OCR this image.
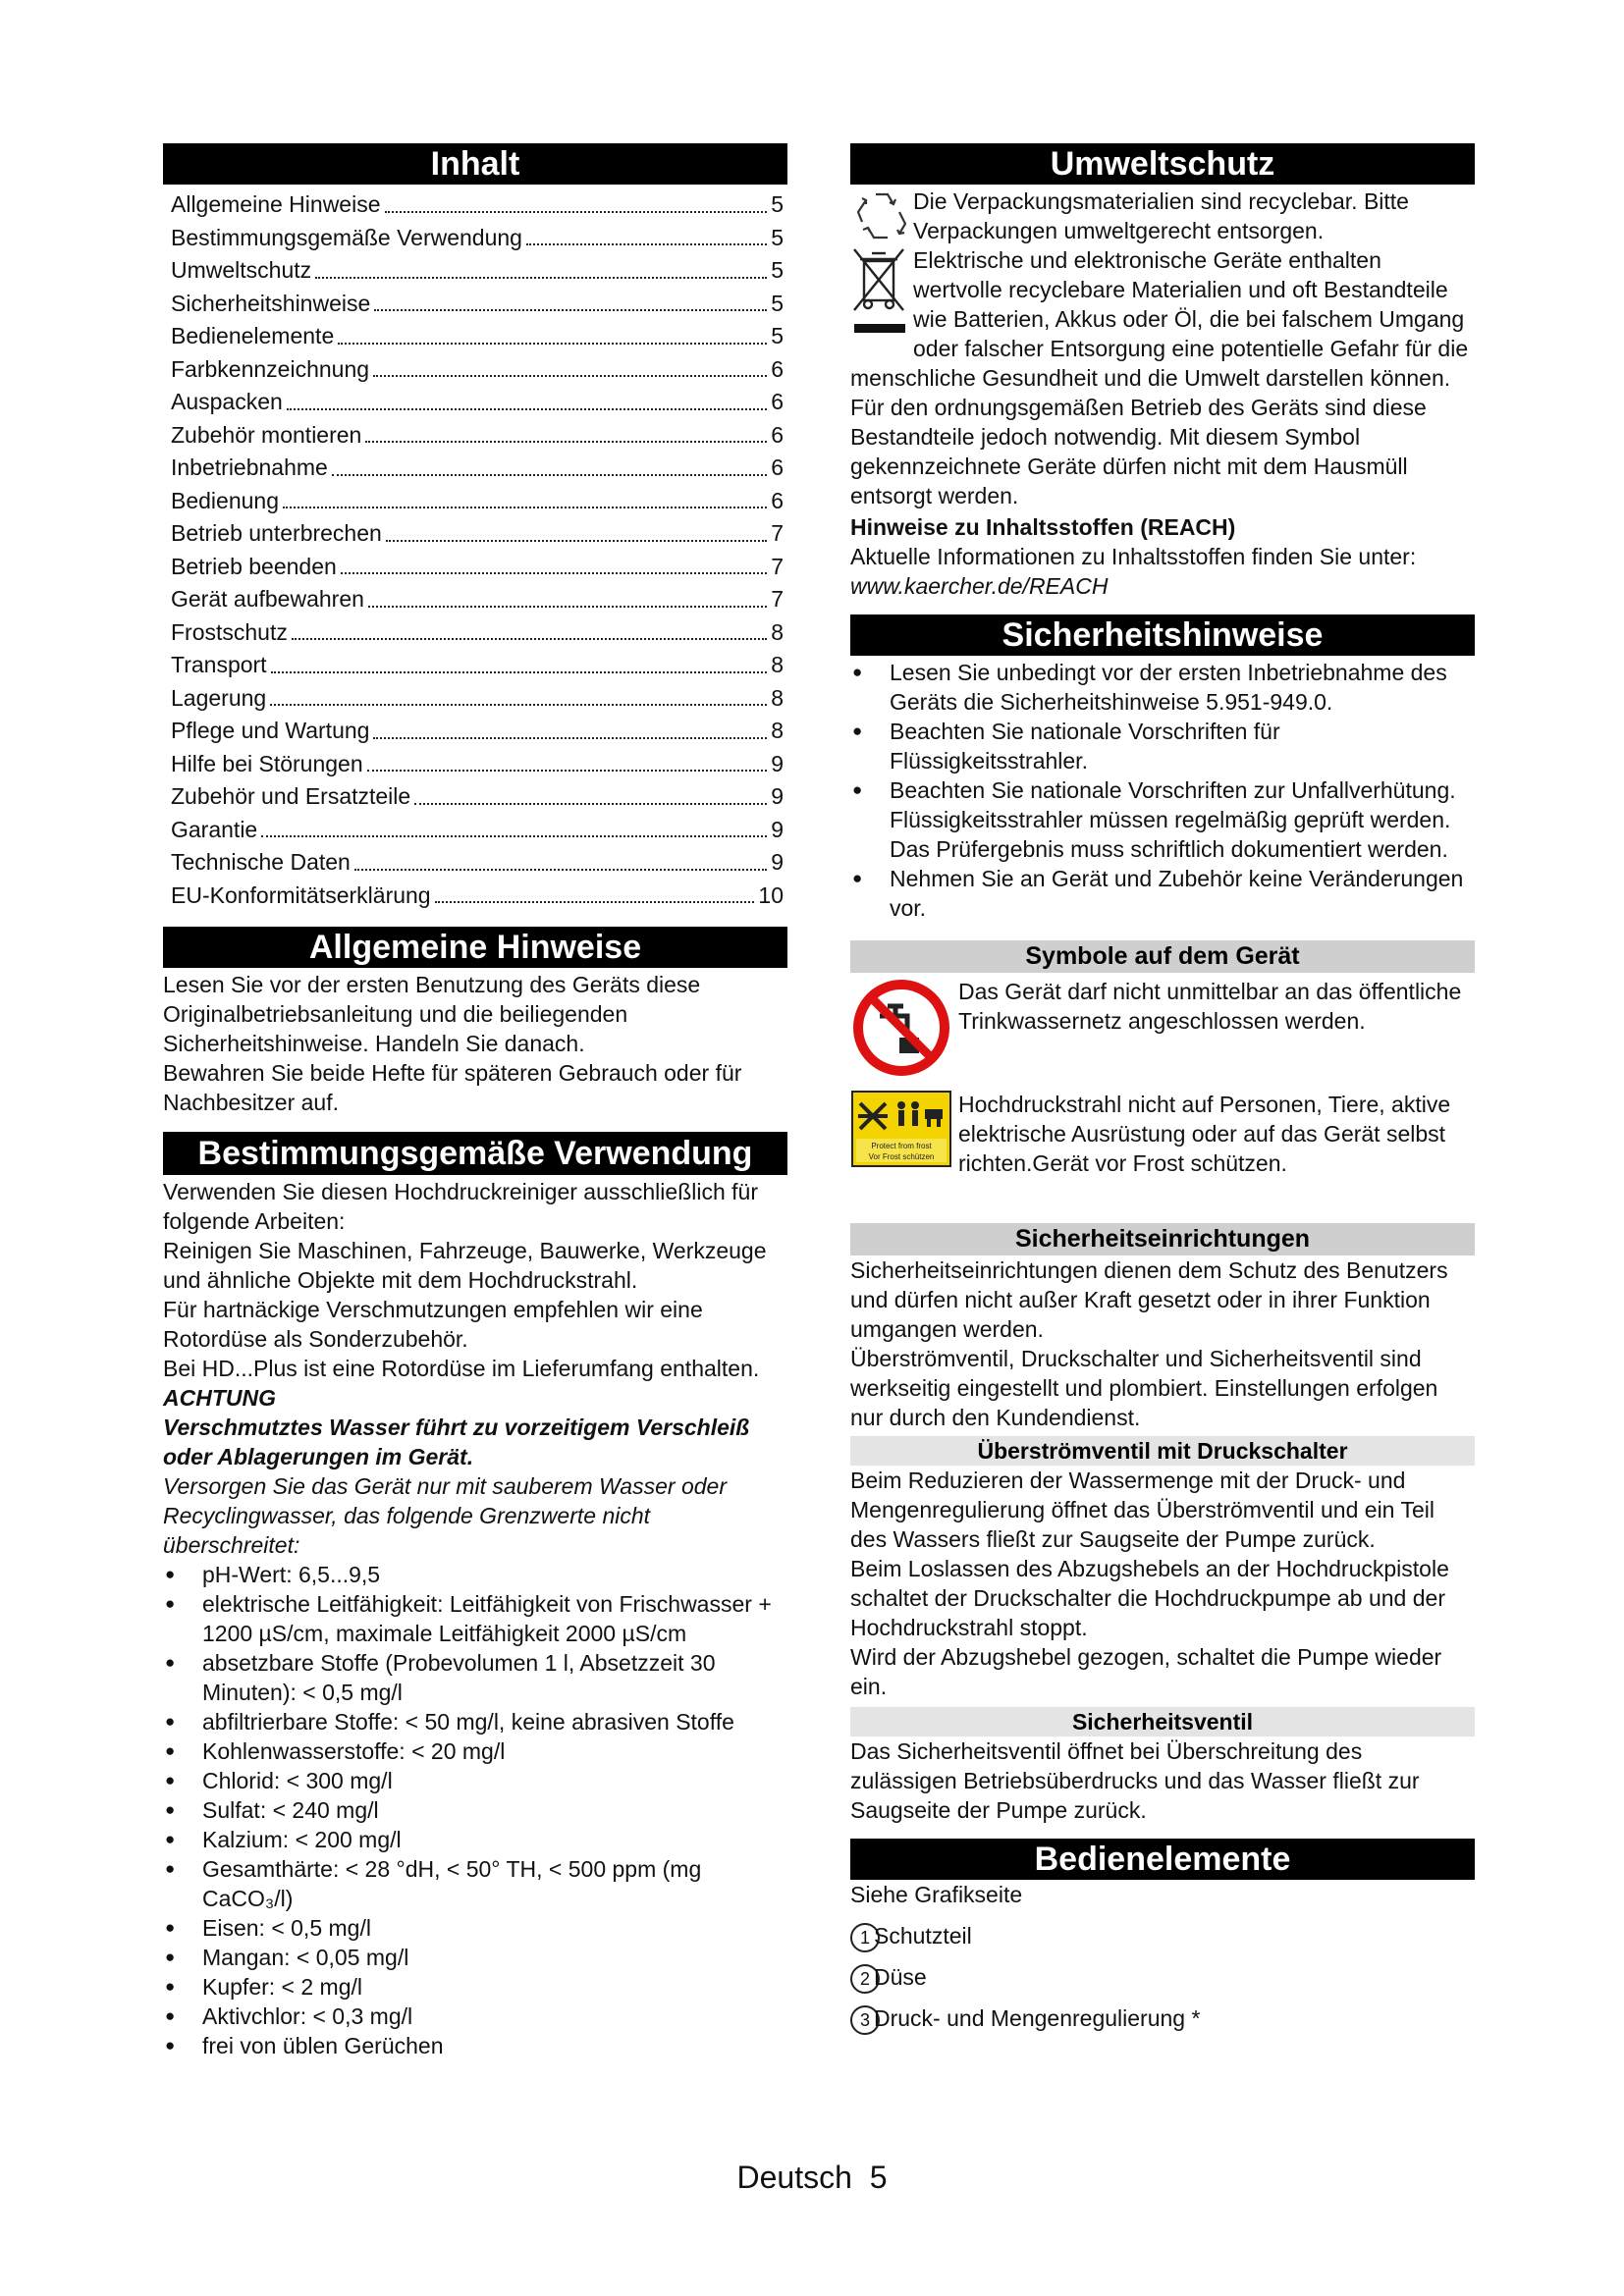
Inhalt
Allgemeine Hinweise	5
Bestimmungsgemäße Verwendung	5
Umweltschutz	5
Sicherheitshinweise	5
Bedienelemente	5
Farbkennzeichnung	6
Auspacken	6
Zubehör montieren	6
Inbetriebnahme	6
Bedienung	6
Betrieb unterbrechen	7
Betrieb beenden	7
Gerät aufbewahren	7
Frostschutz	8
Transport	8
Lagerung	8
Pflege und Wartung	8
Hilfe bei Störungen	9
Zubehör und Ersatzteile	9
Garantie	9
Technische Daten	9
EU-Konformitätserklärung	10
Allgemeine Hinweise

Lesen Sie vor der ersten Benutzung des Geräts diese Originalbetriebsanleitung und die beiliegenden Sicherheitshinweise. Handeln Sie danach.

Bewahren Sie beide Hefte für späteren Gebrauch oder für Nachbesitzer auf.

Bestimmungsgemäße Verwendung

Verwenden Sie diesen Hochdruckreiniger ausschließlich für folgende Arbeiten:

Reinigen Sie Maschinen, Fahrzeuge, Bauwerke, Werkzeuge und ähnliche Objekte mit dem Hochdruckstrahl.

Für hartnäckige Verschmutzungen empfehlen wir eine Rotordüse als Sonderzubehör.

Bei HD...Plus ist eine Rotordüse im Lieferumfang enthalten.

ACHTUNG

Verschmutztes Wasser führt zu vorzeitigem Verschleiß oder Ablagerungen im Gerät.

Versorgen Sie das Gerät nur mit sauberem Wasser oder Recyclingwasser, das folgende Grenzwerte nicht überschreitet:

● pH-Wert: 6,5...9,5
● elektrische Leitfähigkeit: Leitfähigkeit von Frischwasser + 1200 µS/cm, maximale Leitfähigkeit 2000 µS/cm
● absetzbare Stoffe (Probevolumen 1 l, Absetzzeit 30 Minuten): < 0,5 mg/l
● abfiltrierbare Stoffe: < 50 mg/l, keine abrasiven Stoffe
● Kohlenwasserstoffe: < 20 mg/l
● Chlorid: < 300 mg/l
● Sulfat: < 240 mg/l
● Kalzium: < 200 mg/l
● Gesamthärte: < 28 °dH, < 50° TH, < 500 ppm (mg CaCO₃/l)
● Eisen: < 0,5 mg/l
● Mangan: < 0,05 mg/l
● Kupfer: < 2 mg/l
● Aktivchlor: < 0,3 mg/l
● frei von üblen Gerüchen
Umweltschutz

Die Verpackungsmaterialien sind recyclebar. Bitte Verpackungen umweltgerecht entsorgen.

Elektrische und elektronische Geräte enthalten wertvolle recyclebare Materialien und oft Bestandteile wie Batterien, Akkus oder Öl, die bei falschem Umgang oder falscher Entsorgung eine potentielle Gefahr für die menschliche Gesundheit und die Umwelt darstellen können. Für den ordnungsgemäßen Betrieb des Geräts sind diese Bestandteile jedoch notwendig. Mit diesem Symbol gekennzeichnete Geräte dürfen nicht mit dem Hausmüll entsorgt werden.

Hinweise zu Inhaltsstoffen (REACH)

Aktuelle Informationen zu Inhaltsstoffen finden Sie unter: www.kaercher.de/REACH

Sicherheitshinweise
● Lesen Sie unbedingt vor der ersten Inbetriebnahme des Geräts die Sicherheitshinweise 5.951-949.0.
● Beachten Sie nationale Vorschriften für Flüssigkeitsstrahler.
● Beachten Sie nationale Vorschriften zur Unfallverhütung. Flüssigkeitsstrahler müssen regelmäßig geprüft werden. Das Prüfergebnis muss schriftlich dokumentiert werden.
● Nehmen Sie an Gerät und Zubehör keine Veränderungen vor.
Symbole auf dem Gerät

Das Gerät darf nicht unmittelbar an das öffentliche Trinkwassernetz angeschlossen werden.

Protect from frost
Vor Frost schützen

Hochdruckstrahl nicht auf Personen, Tiere, aktive elektrische Ausrüstung oder auf das Gerät selbst richten.Gerät vor Frost schützen.

Sicherheitseinrichtungen

Sicherheitseinrichtungen dienen dem Schutz des Benutzers und dürfen nicht außer Kraft gesetzt oder in ihrer Funktion umgangen werden.

Überströmventil, Druckschalter und Sicherheitsventil sind werkseitig eingestellt und plombiert. Einstellungen erfolgen nur durch den Kundendienst.

Überströmventil mit Druckschalter

Beim Reduzieren der Wassermenge mit der Druck- und Mengenregulierung öffnet das Überströmventil und ein Teil des Wassers fließt zur Saugseite der Pumpe zurück.

Beim Loslassen des Abzugshebels an der Hochdruckpistole schaltet der Druckschalter die Hochdruckpumpe ab und der Hochdruckstrahl stoppt.

Wird der Abzugshebel gezogen, schaltet die Pumpe wieder ein.

Sicherheitsventil

Das Sicherheitsventil öffnet bei Überschreitung des zulässigen Betriebsüberdrucks und das Wasser fließt zur Saugseite der Pumpe zurück.

Bedienelemente

Siehe Grafikseite

1 Schutzteil
2 Düse
3 Druck- und Mengenregulierung *
Deutsch 5
